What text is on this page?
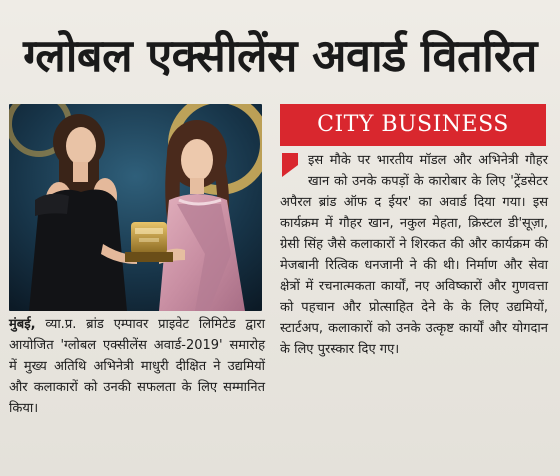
ग्लोबल एक्सीलेंस अवार्ड वितरित
मुंबई, व्या.प्र. ब्रांड एम्पावर प्राइवेट लिमिटेड द्वारा आयोजित 'ग्लोबल एक्सीलेंस अवार्ड-2019' समारोह में मुख्य अतिथि अभिनेत्री माधुरी दीक्षित ने उद्यमियों और कलाकारों को उनकी सफलता के लिए सम्मानित किया।
CITY BUSINESS
इस मौके पर भारतीय मॉडल और अभिनेत्री गौहर खान को उनके कपड़ों के कारोबार के लिए 'ट्रेंडसेटर अपैरल ब्रांड ऑफ द ईयर' का अवार्ड दिया गया। इस कार्यक्रम में गौहर खान, नकुल मेहता, क्रिस्टल डी'सूज़ा, ग्रेसी सिंह जैसे कलाकारों ने शिरकत की और कार्यक्रम की मेजबानी रित्विक धनजानी ने की थी। निर्माण और सेवा क्षेत्रों में रचनात्मकता कार्यों, नए अविष्कारों और गुणवत्ता को पहचान और प्रोत्साहित देने के के लिए उद्यमियों, स्टार्टअप, कलाकारों को उनके उत्कृष्ट कार्यों और योगदान के लिए पुरस्कार दिए गए।
